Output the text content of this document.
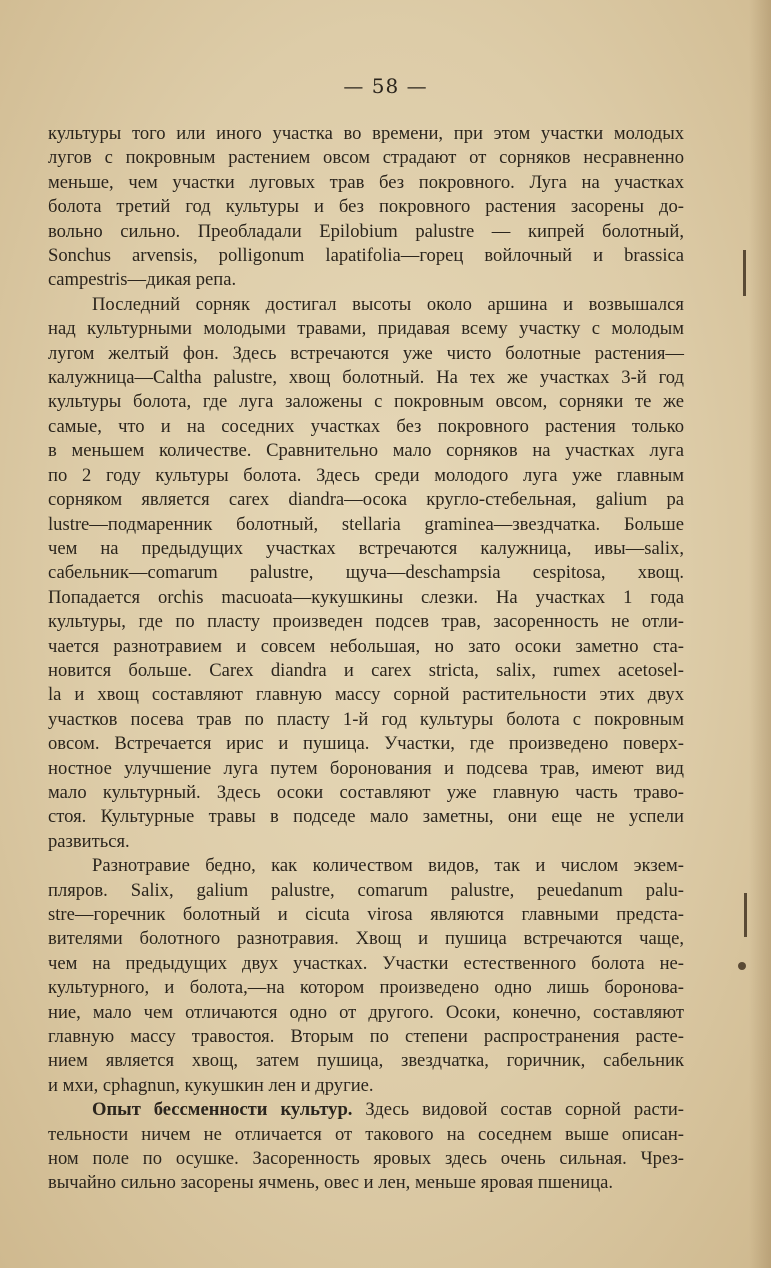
— 58 —

культуры того или иного участка во времени, при этом участки молодых

лугов с покровным растением овсом страдают от сорняков несравненно

меньше, чем участки луговых трав без покровного. Луга на участках

болота третий год культуры и без покровного растения засорены до-

вольно сильно. Преобладали Epilobium palustre — кипрей болотный,

Sonchus arvensis, polligonum lapatifolia—горец войлочный и brassica

campestris—дикая репа.

Последний сорняк достигал высоты около аршина и возвышался

над культурными молодыми травами, придавая всему участку с молодым

лугом желтый фон. Здесь встречаются уже чисто болотные растения—

калужница—Caltha palustre, хвощ болотный. На тех же участках 3-й год

культуры болота, где луга заложены с покровным овсом, сорняки те же

самые, что и на соседних участках без покровного растения только

в меньшем количестве. Сравнительно мало сорняков на участках луга

по 2 году культуры болота. Здесь среди молодого луга уже главным

сорняком является carex diandra—осока кругло-стебельная, galium pa

lustre—подмаренник болотный, stellaria graminea—звездчатка. Больше

чем на предыдущих участках встречаются калужница, ивы—salix,

сабельник—comarum palustre, щуча—deschampsia cespitosa, хвощ.

Попадается orchis macuoata—кукушкины слезки. На участках 1 года

культуры, где по пласту произведен подсев трав, засоренность не отли-

чается разнотравием и совсем небольшая, но зато осоки заметно ста-

новится больше. Carex diandra и carex stricta, salix, rumex acetosel-

la и хвощ составляют главную массу сорной растительности этих двух

участков посева трав по пласту 1-й год культуры болота с покровным

овсом. Встречается ирис и пушица. Участки, где произведено поверх-

ностное улучшение луга путем боронования и подсева трав, имеют вид

мало культурный. Здесь осоки составляют уже главную часть траво-

стоя. Культурные травы в подседе мало заметны, они еще не успели

развиться.

Разнотравие бедно, как количеством видов, так и числом экзем-

пляров. Salix, galium palustre, comarum palustre, peuedanum palu-

stre—горечник болотный и cicuta virosa являются главными предста-

вителями болотного разнотравия. Хвощ и пушица встречаются чаще,

чем на предыдущих двух участках. Участки естественного болота не-

культурного, и болота,—на котором произведено одно лишь боронова-

ние, мало чем отличаются одно от другого. Осоки, конечно, составляют

главную массу травостоя. Вторым по степени распространения расте-

нием является хвощ, затем пушица, звездчатка, горичник, сабельник

и мхи, cphagnun, кукушкин лен и другие.

Опыт бессменности культур. Здесь видовой состав сорной расти-

тельности ничем не отличается от такового на соседнем выше описан-

ном поле по осушке. Засоренность яровых здесь очень сильная. Чрез-

вычайно сильно засорены ячмень, овес и лен, меньше яровая пшеница.
